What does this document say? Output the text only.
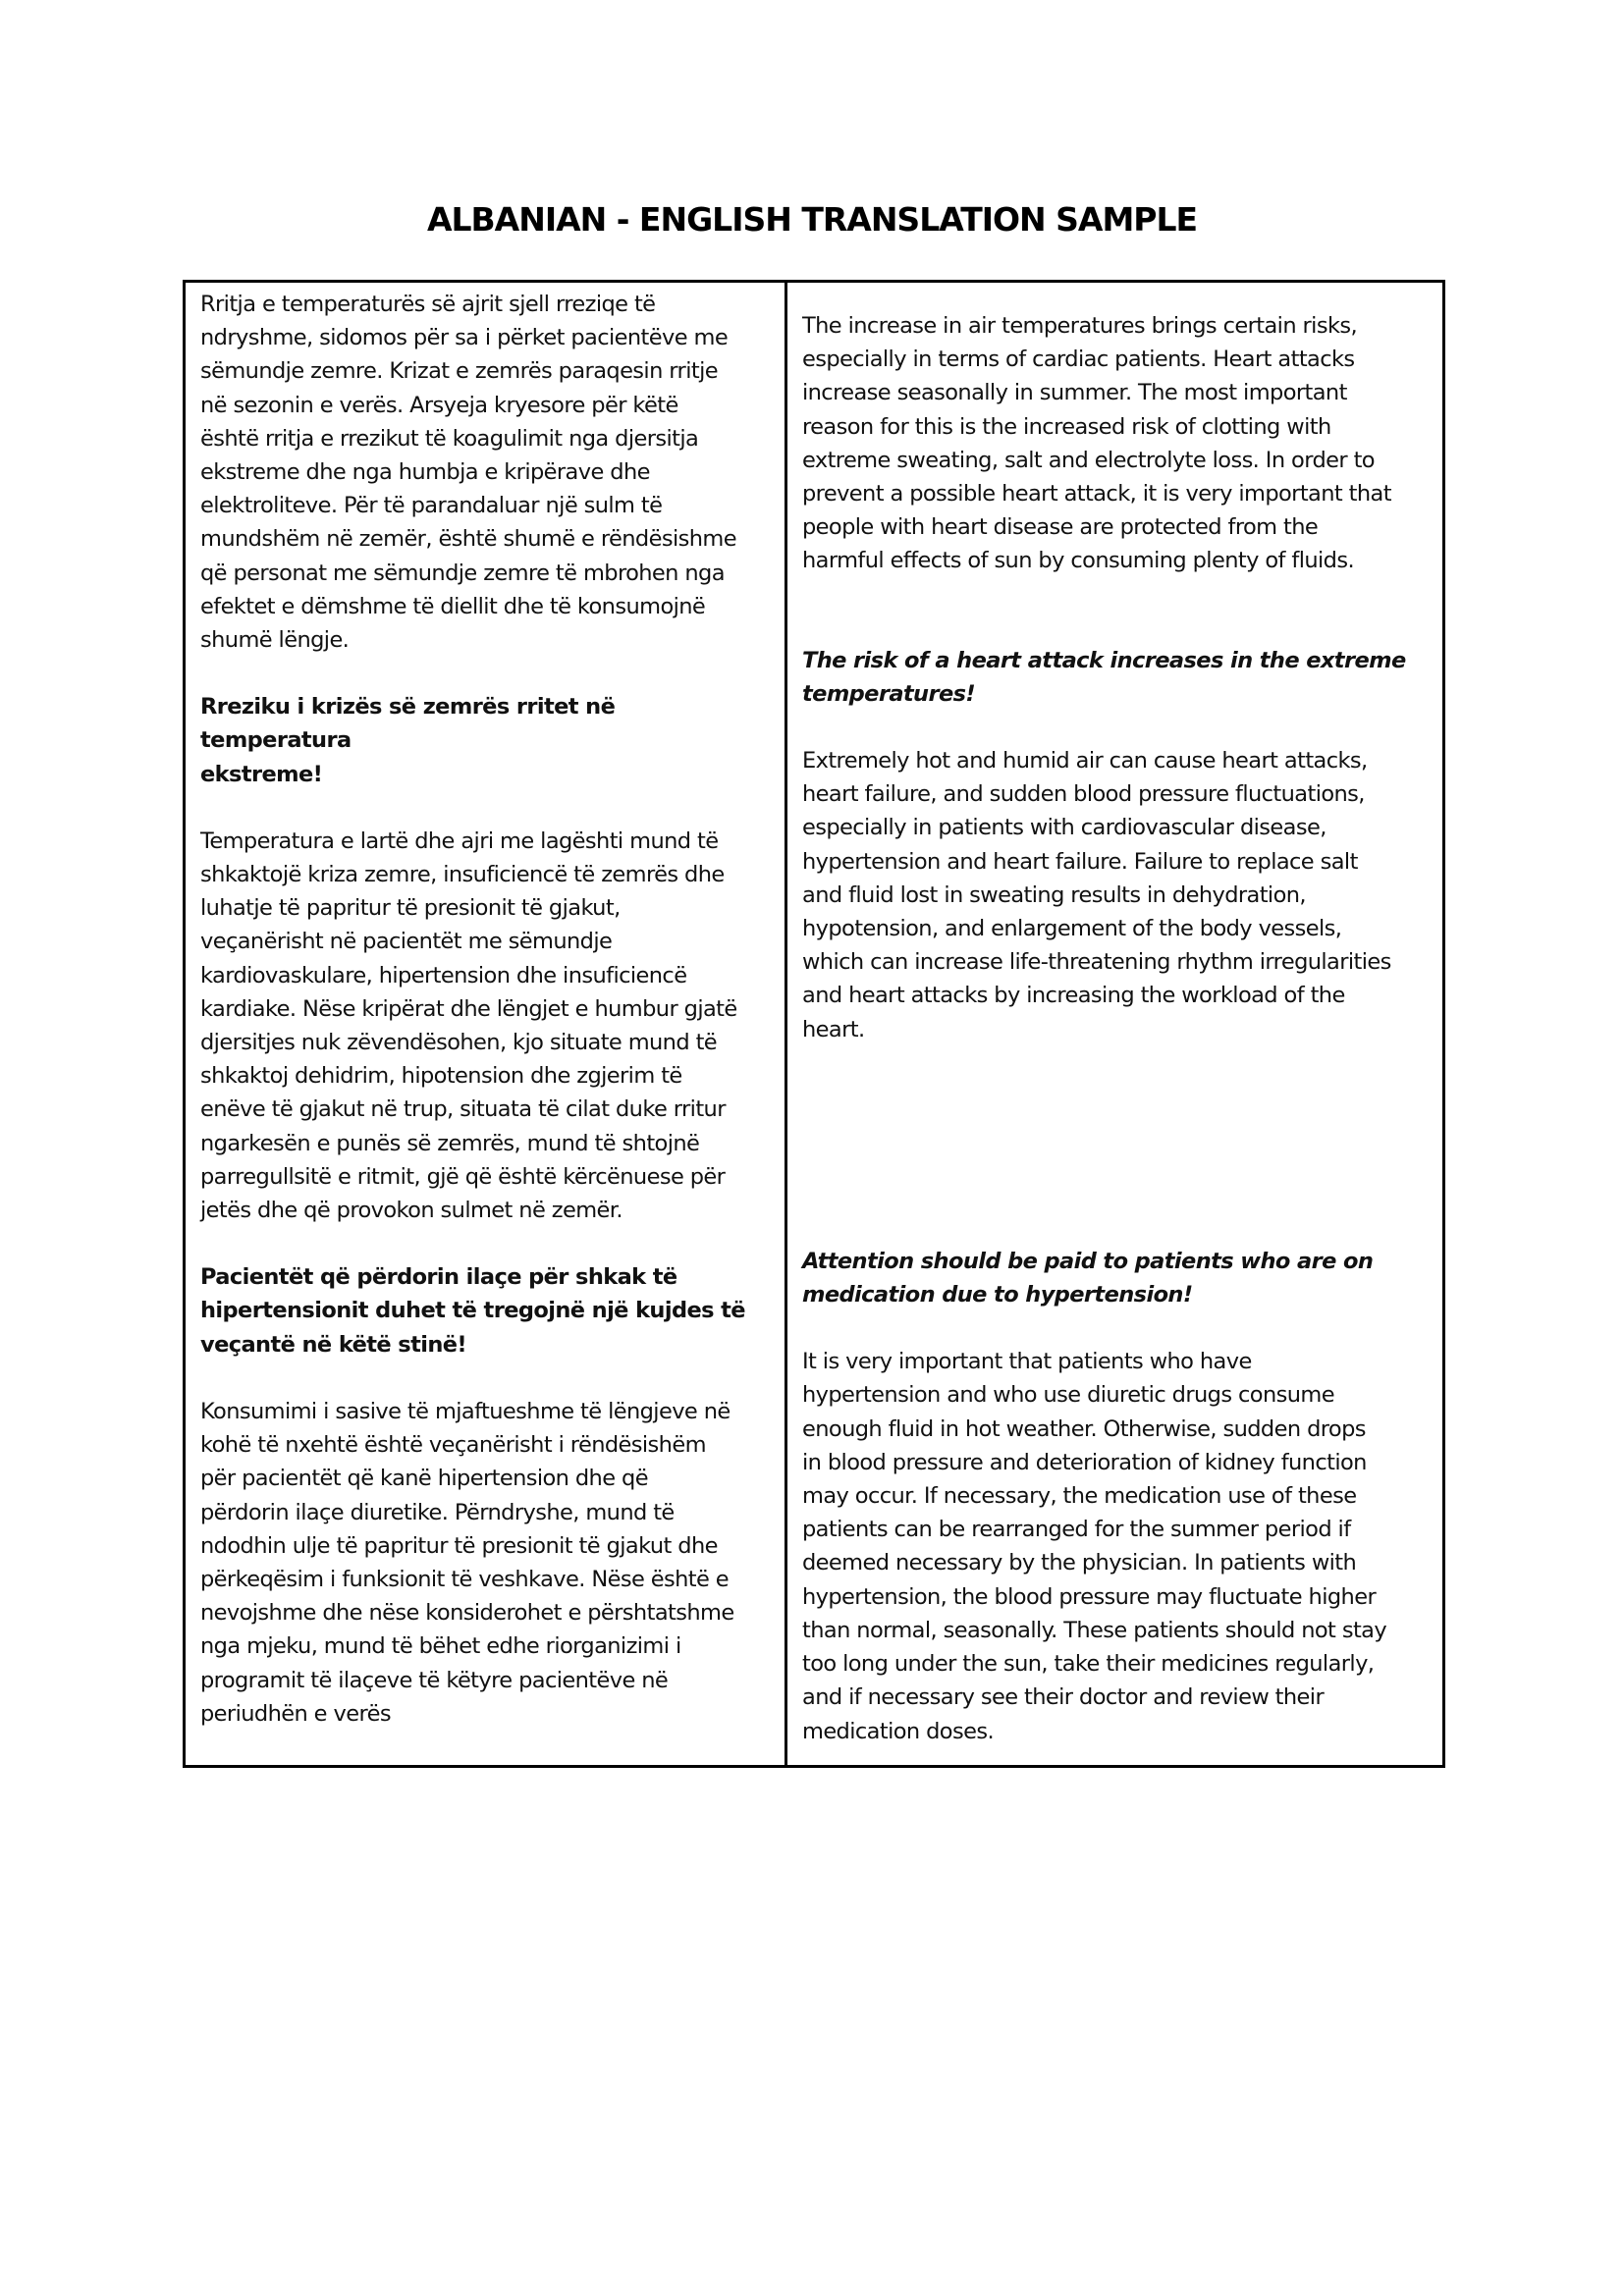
ALBANIAN - ENGLISH TRANSLATION SAMPLE

Rritja e temperaturës së ajrit sjell rreziqe të
ndryshme, sidomos për sa i përket pacientëve me
sëmundje zemre. Krizat e zemrës paraqesin rritje
në sezonin e verës. Arsyeja kryesore për këtë
është rritja e rrezikut të koagulimit nga djersitja
ekstreme dhe nga humbja e kripërave dhe
elektroliteve. Për të parandaluar një sulm të
mundshëm në zemër, është shumë e rëndësishme
që personat me sëmundje zemre të mbrohen nga
efektet e dëmshme të diellit dhe të konsumojnë
shumë lëngje.

Rreziku i krizës së zemrës rritet në temperatura
ekstreme!

Temperatura e lartë dhe ajri me lagështi mund të
shkaktojë kriza zemre, insuficiencë të zemrës dhe
luhatje të papritur të presionit të gjakut,
veçanërisht në pacientët me sëmundje
kardiovaskulare, hipertension dhe insuficiencë
kardiake. Nëse kripërat dhe lëngjet e humbur gjatë
djersitjes nuk zëvendësohen, kjo situate mund të
shkaktoj dehidrim, hipotension dhe zgjerim të
enëve të gjakut në trup, situata të cilat duke rritur
ngarkesën e punës së zemrës, mund të shtojnë
parregullsitë e ritmit, gjë që është kërcënuese për
jetës dhe që provokon sulmet në zemër.

Pacientët që përdorin ilaçe për shkak të
hipertensionit duhet të tregojnë një kujdes të
veçantë në këtë stinë!

Konsumimi i sasive të mjaftueshme të lëngjeve në
kohë të nxehtë është veçanërisht i rëndësishëm
për pacientët që kanë hipertension dhe që
përdorin ilaçe diuretike. Përndryshe, mund të
ndodhin ulje të papritur të presionit të gjakut dhe
përkeqësim i funksionit të veshkave. Nëse është e
nevojshme dhe nëse konsiderohet e përshtatshme
nga mjeku, mund të bëhet edhe riorganizimi i
programit të ilaçeve të këtyre pacientëve në
periudhën e verës

The increase in air temperatures brings certain risks,
especially in terms of cardiac patients. Heart attacks
increase seasonally in summer. The most important
reason for this is the increased risk of clotting with
extreme sweating, salt and electrolyte loss. In order to
prevent a possible heart attack, it is very important that
people with heart disease are protected from the
harmful effects of sun by consuming plenty of fluids.

The risk of a heart attack increases in the extreme
temperatures!

Extremely hot and humid air can cause heart attacks,
heart failure, and sudden blood pressure fluctuations,
especially in patients with cardiovascular disease,
hypertension and heart failure. Failure to replace salt
and fluid lost in sweating results in dehydration,
hypotension, and enlargement of the body vessels,
which can increase life-threatening rhythm irregularities
and heart attacks by increasing the workload of the
heart.

Attention should be paid to patients who are on
medication due to hypertension!

It is very important that patients who have
hypertension and who use diuretic drugs consume
enough fluid in hot weather. Otherwise, sudden drops
in blood pressure and deterioration of kidney function
may occur. If necessary, the medication use of these
patients can be rearranged for the summer period if
deemed necessary by the physician. In patients with
hypertension, the blood pressure may fluctuate higher
than normal, seasonally. These patients should not stay
too long under the sun, take their medicines regularly,
and if necessary see their doctor and review their
medication doses.
